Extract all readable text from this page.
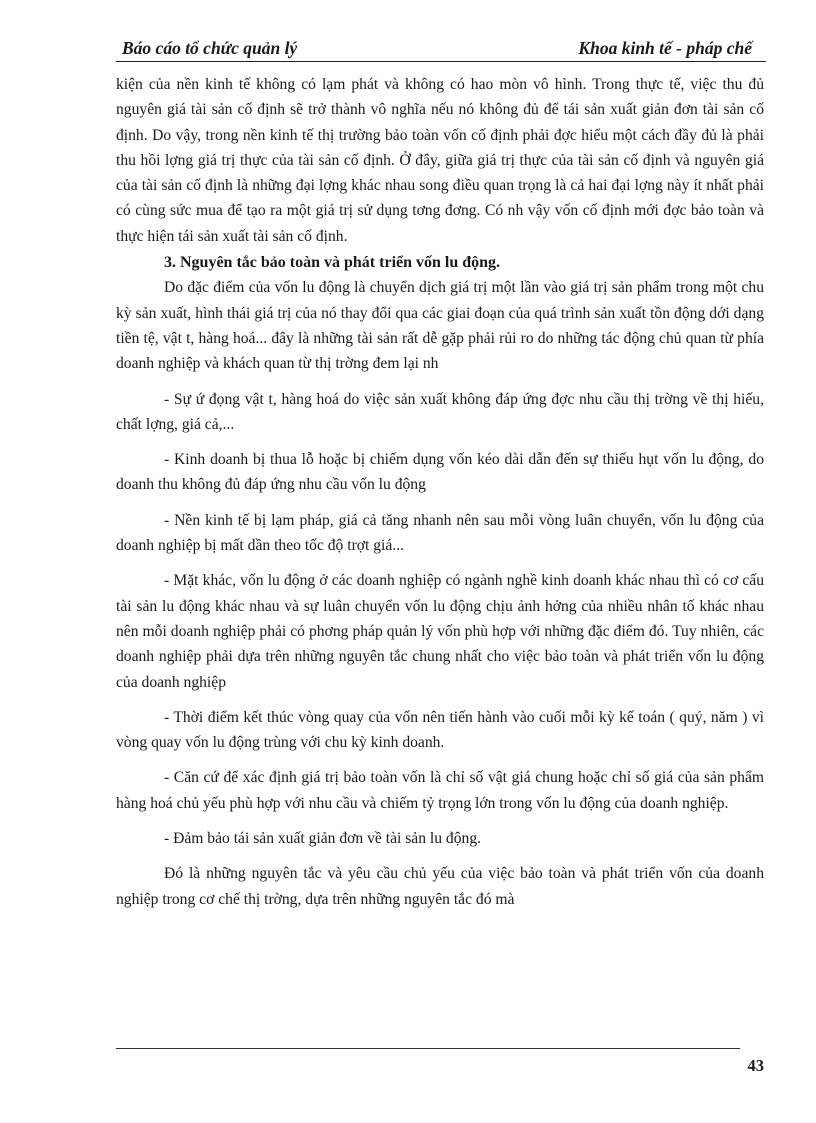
Báo cáo tổ chức quản lý	Khoa kinh tế - pháp chế

kiện của nền kinh tế không có lạm phát và không có hao mòn vô hình. Trong thực tế, việc thu đủ nguyên giá tài sản cố định sẽ trở thành vô nghĩa nếu nó không đủ để tái sản xuất giản đơn tài sản cố định. Do vậy, trong nền kinh tế thị trường bảo toàn vốn cố định phải đợc hiểu một cách đầy đủ là phải thu hồi lợng giá trị thực của tài sản cố định. Ở đây, giữa giá trị thực của tài sản cố định và nguyên giá của tài sản cố định là những đại lợng khác nhau song điều quan trọng là cả hai đại lợng này ít nhất phải có cùng sức mua để tạo ra một giá trị sử dụng tơng đơng. Có nh vậy vốn cố định mới đợc bảo toàn và thực hiện tái sản xuất tài sản cố định.

3. Nguyên tắc bảo toàn và phát triển vốn lu động.

Do đặc điểm của vốn lu động là chuyển dịch giá trị một lần vào giá trị sản phẩm trong một chu kỳ sản xuất, hình thái giá trị của nó thay đổi qua các giai đoạn của quá trình sản xuất tồn động dới dạng tiền tệ, vật t, hàng hoá... đây là những tài sản rất dễ gặp phải rủi ro do những tác động chủ quan từ phía doanh nghiệp và khách quan từ thị trờng đem lại nh

- Sự ứ đọng vật t, hàng hoá do việc sản xuất không đáp ứng đợc nhu cầu thị trờng về thị hiếu, chất lợng, giá cả,...

- Kinh doanh bị thua lỗ hoặc bị chiếm dụng vốn kéo dài dẫn đến sự thiếu hụt vốn lu động, do doanh thu không đủ đáp ứng nhu cầu vốn lu động

- Nền kinh tế bị lạm pháp, giá cả tăng nhanh nên sau mỗi vòng luân chuyển, vốn lu động của doanh nghiệp bị mất dần theo tốc độ trợt giá...

- Mặt khác, vốn lu động ở các doanh nghiệp có ngành nghề kinh doanh khác nhau thì có cơ cấu tài sản lu động khác nhau và sự luân chuyển vốn lu động chịu ảnh hởng của nhiều nhân tố khác nhau nên mỗi doanh nghiệp phải có phơng pháp quản lý vốn phù hợp với những đặc điểm đó. Tuy nhiên, các doanh nghiệp phải dựa trên những nguyên tắc chung nhất cho việc bảo toàn và phát triển vốn lu động của doanh nghiệp

- Thời điểm kết thúc vòng quay của vốn nên tiến hành vào cuối mỗi kỳ kế toán ( quý, năm ) vì vòng quay vốn lu động trùng với chu kỳ kinh doanh.

- Căn cứ để xác định giá trị bảo toàn vốn là chỉ số vật giá chung hoặc chỉ số giá của sản phẩm hàng hoá chủ yếu phù hợp với nhu cầu và chiếm tỷ trọng lớn trong vốn lu động của doanh nghiệp.

- Đảm bảo tái sản xuất giản đơn về tài sản lu động.

Đó là những nguyên tắc và yêu cầu chủ yếu của việc bảo toàn và phát triển vốn của doanh nghiệp trong cơ chế thị trờng, dựa trên những nguyên tắc đó mà

43
